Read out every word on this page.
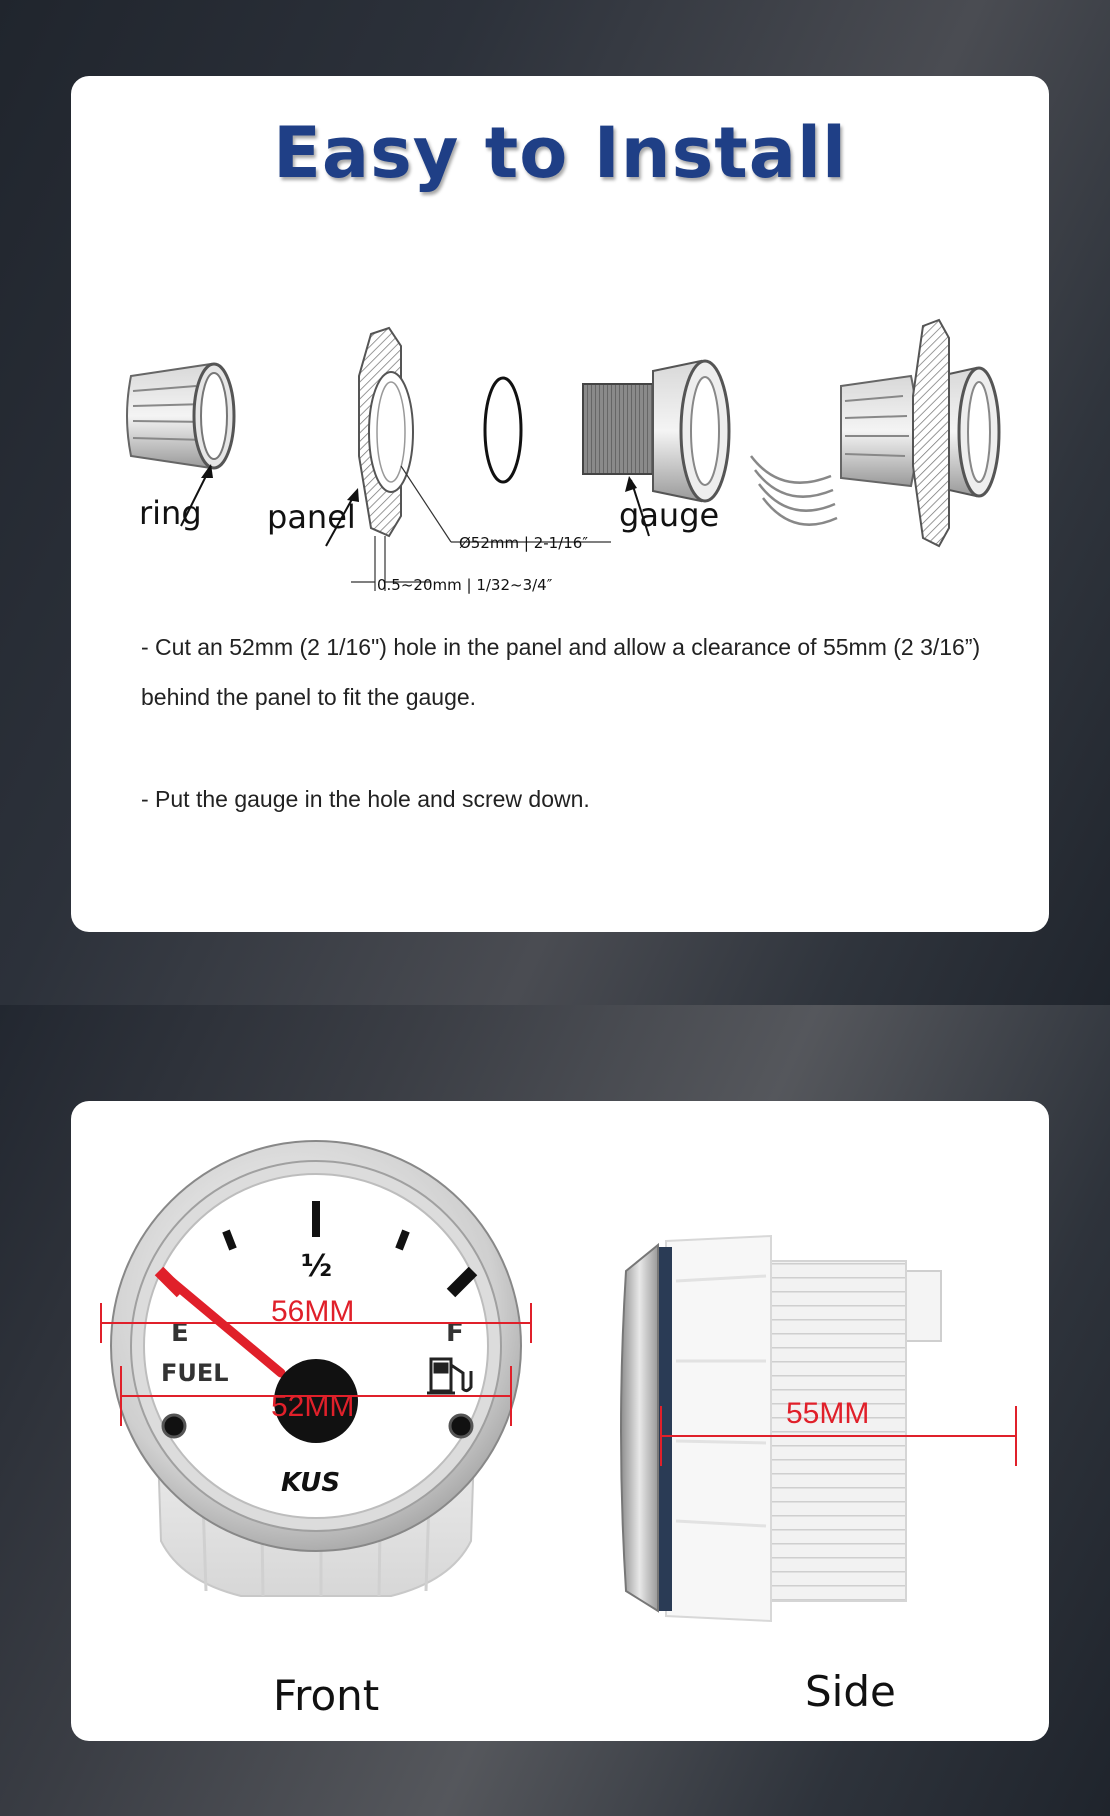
Easy to Install
Ø52mm | 2-1/16″
0.5~20mm | 1/32~3/4″
ring panel	gauge
- Cut an 52mm (2 1/16") hole in the panel and allow a clearance of 55mm (2 3/16”) behind the panel to fit the gauge.
- Put the gauge in the hole and screw down.
½
E	F
FUEL
KUS
56MM
52MM	55MM
Front	Side
